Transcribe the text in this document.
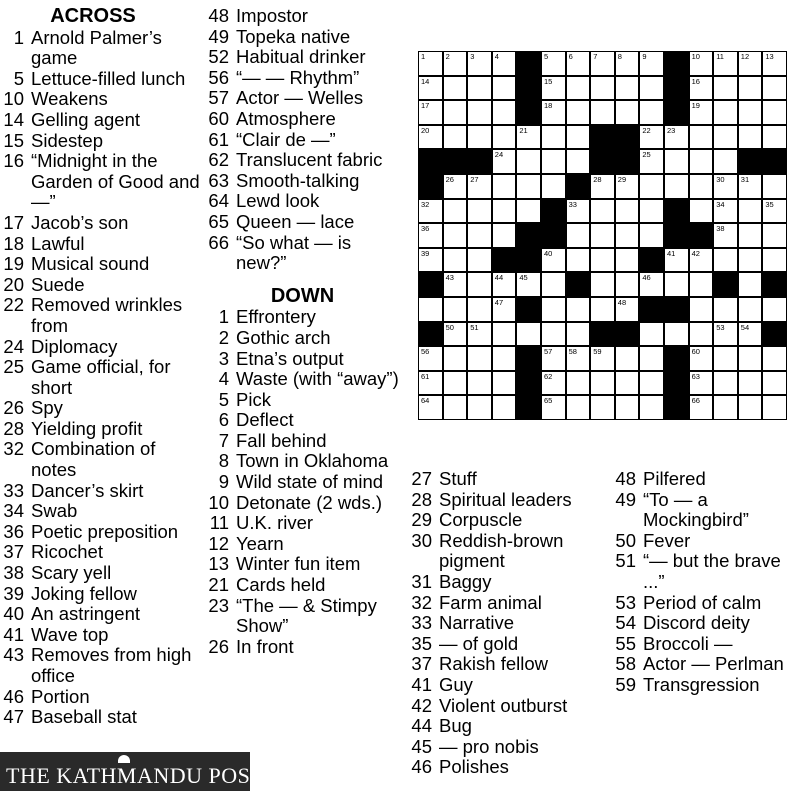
ACROSS
1 Arnold Palmer’s game
5 Lettuce-filled lunch
10 Weakens
14 Gelling agent
15 Sidestep
16 “Midnight in the Garden of Good and —”
17 Jacob’s son
18 Lawful
19 Musical sound
20 Suede
22 Removed wrinkles from
24 Diplomacy
25 Game official, for short
26 Spy
28 Yielding profit
32 Combination of notes
33 Dancer’s skirt
34 Swab
36 Poetic preposition
37 Ricochet
38 Scary yell
39 Joking fellow
40 An astringent
41 Wave top
43 Removes from high office
46 Portion
47 Baseball stat
48 Impostor
49 Topeka native
52 Habitual drinker
56 “— — Rhythm”
57 Actor — Welles
60 Atmosphere
61 “Clair de —”
62 Translucent fabric
63 Smooth-talking
64 Lewd look
65 Queen — lace
66 “So what — is new?”
DOWN
1 Effrontery
2 Gothic arch
3 Etna’s output
4 Waste (with “away”)
5 Pick
6 Deflect
7 Fall behind
8 Town in Oklahoma
9 Wild state of mind
10 Detonate (2 wds.)
11 U.K. river
12 Yearn
13 Winter fun item
21 Cards held
23 “The — & Stimpy Show”
26 In front
1	2	3	4	5	6	7	8	9	10 11 12 13
14	15	16
17	18	19
20	21	22 23
24	25
26 27	28 29	30 31
32	33	34	35
36	38
39	40	41 42
43	44 45	46
47	48
50 51	53 54
56	57 58 59	60
61	62	63
64	65	66
27 Stuff
28 Spiritual leaders
29 Corpuscle
30 Reddish-brown pigment
31 Baggy
32 Farm animal
33 Narrative
35 — of gold
37 Rakish fellow
41 Guy
42 Violent outburst
44 Bug
45 — pro nobis
46 Polishes
48 Pilfered
49 “To — a Mockingbird”
50 Fever
51 “— but the brave ...”
53 Period of calm
54 Discord deity
55 Broccoli —
58 Actor — Perlman
59 Transgression
THE KATHMANDU POST
